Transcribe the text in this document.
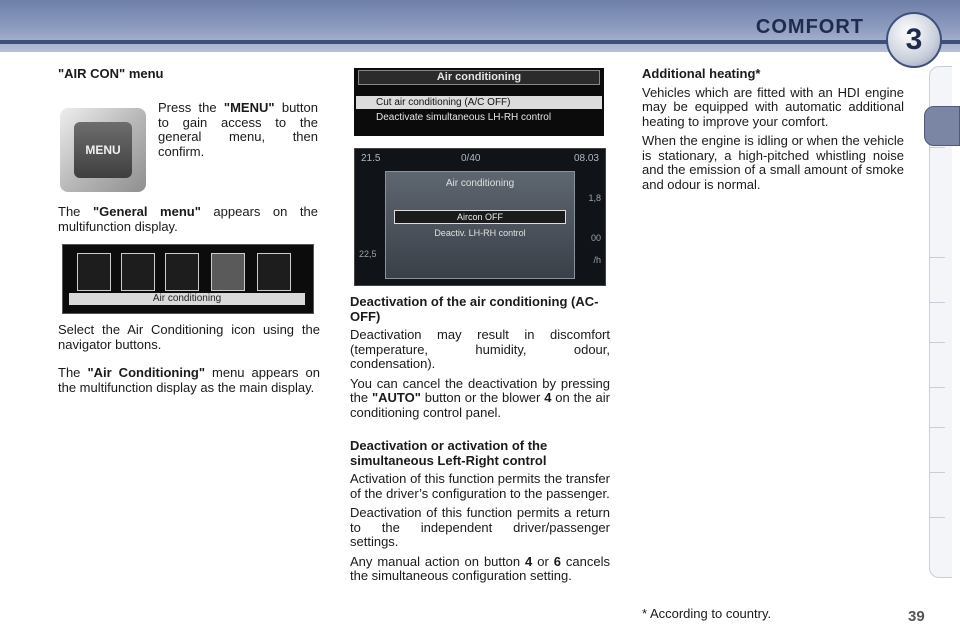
COMFORT	3
"AIR CON" menu
Press the "MENU" button to gain access to the general menu, then confirm.
MENU
The "General menu" appears on the multifunction display.
Air conditioning
Select the Air Conditioning icon using the navigator buttons.
The "Air Conditioning" menu appears on the multifunction display as the main display.
Air conditioning
Cut air conditioning (A/C OFF)
Deactivate simultaneous LH-RH control
21.5	0/40	08.03
Air conditioning
Aircon OFF
Deactiv. LH-RH control
1,8
00
/h
22,5
Deactivation of the air conditioning (AC-OFF)

Deactivation may result in discomfort (temperature, humidity, odour, condensation).

You can cancel the deactivation by pressing the "AUTO" button or the blower 4 on the air conditioning control panel.

Deactivation or activation of the simultaneous Left-Right control

Activation of this function permits the transfer of the driver’s configuration to the passenger.

Deactivation of this function permits a return to the independent driver/passenger settings.

Any manual action on button 4 or 6 cancels the simultaneous configuration setting.

Additional heating*

Vehicles which are fitted with an HDI engine may be equipped with automatic additional heating to improve your comfort.

When the engine is idling or when the vehicle is stationary, a high-pitched whistling noise and the emission of a small amount of smoke and odour is normal.

* According to country.	39
